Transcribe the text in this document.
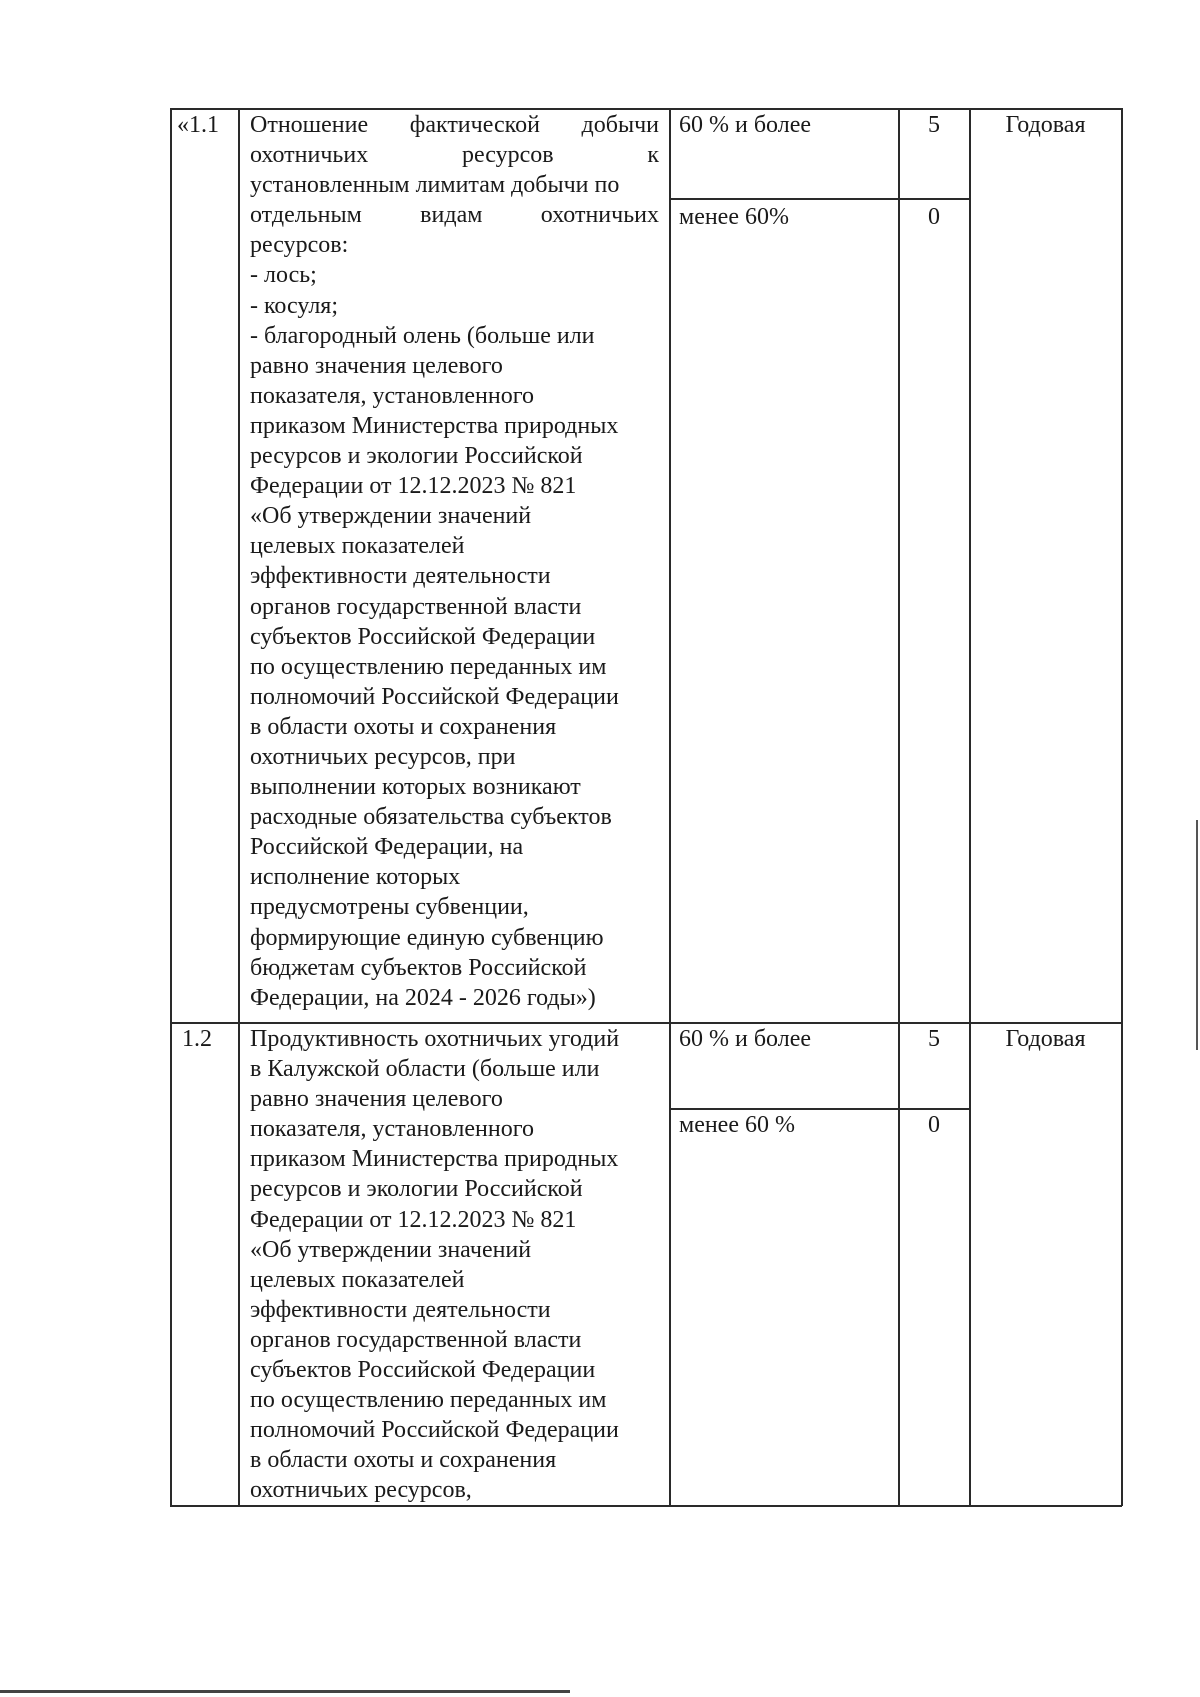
«1.1 Отношение фактической добычи
охотничьих ресурсов к
установленным лимитам добычи по
отдельным видам охотничьих
ресурсов:
- лось;
- косуля;
- благородный олень (больше или
равно значения целевого
показателя, установленного
приказом Министерства природных
ресурсов и экологии Российской
Федерации от 12.12.2023 № 821
«Об утверждении значений
целевых показателей
эффективности деятельности
органов государственной власти
субъектов Российской Федерации
по осуществлению переданных им
полномочий Российской Федерации
в области охоты и сохранения
охотничьих ресурсов, при
выполнении которых возникают
расходные обязательства субъектов
Российской Федерации, на
исполнение которых
предусмотрены субвенции,
формирующие единую субвенцию
бюджетам субъектов Российской
Федерации, на 2024 - 2026 годы»)
60 % и более	5
менее 60%	0
Годовая
1.2 Продуктивность охотничьих угодий
в Калужской области (больше или
равно значения целевого
показателя, установленного
приказом Министерства природных
ресурсов и экологии Российской
Федерации от 12.12.2023 № 821
«Об утверждении значений
целевых показателей
эффективности деятельности
органов государственной власти
субъектов Российской Федерации
по осуществлению переданных им
полномочий Российской Федерации
в области охоты и сохранения
охотничьих ресурсов,
60 % и более	5
менее 60 %	0
Годовая
